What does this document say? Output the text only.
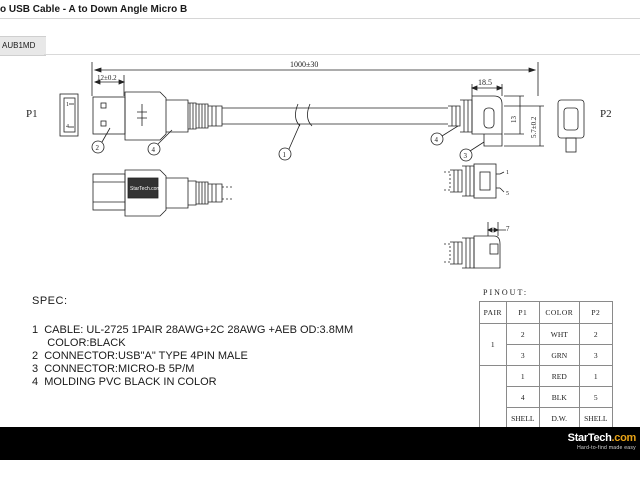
o USB Cable - A to Down Angle Micro B
AUB1MD
P1	P2
1
4
1000±30
12±0.2	18.5
13 5.7±0.2
2	4
1
4
3
StarTech.com
1
5
7
SPEC:
1  CABLE: UL-2725 1PAIR 28AWG+2C 28AWG +AEB OD:3.8MM
COLOR:BLACK
2  CONNECTOR:USB"A" TYPE 4PIN MALE
3  CONNECTOR:MICRO-B 5P/M
4  MOLDING PVC BLACK IN COLOR
PINOUT:
PAIR	P1	COLOR	P2
1	2	WHT	2
	3	GRN	3
	1	RED	1
	4	BLK	5
	SHELL	D.W.	SHELL
StarTech.com
Hard-to-find made easy
